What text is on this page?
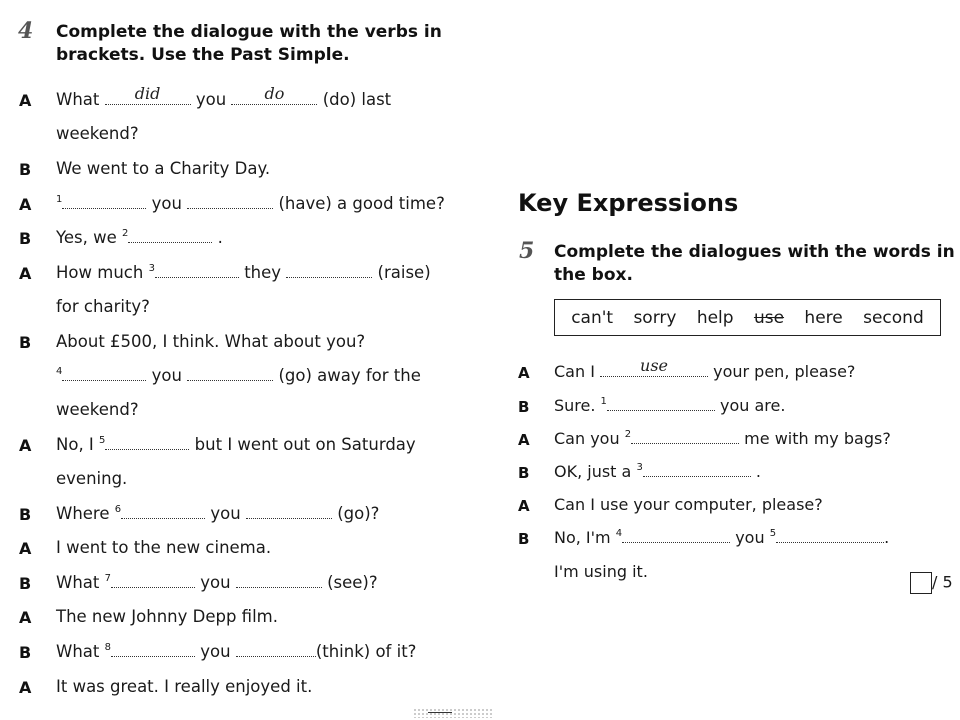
4 Complete the dialogue with the verbs in
brackets. Use the Past Simple.
A What	did	you	do	(do) last
weekend?
B We went to a Charity Day.
A $^1$	you	(have) a good time?
B Yes, we $^2$	.
A How much $^3$	they	(raise)
for charity?
B About £500, I think. What about you?
$^4$	you	(go) away for the
weekend?
A No, I $^5$	but I went out on Saturday
evening.
B Where $^6$	you	(go)?
A I went to the new cinema.
B What $^7$	you	(see)?
A The new Johnny Depp film.
B What $^8$	you	(think) of it?
A It was great. I really enjoyed it.
Key Expressions
5 Complete the dialogues with the words in
the box.
can't sorry help use here second
A Can I	use	your pen, please?
B Sure. $^1$	you are.
A Can you $^2$	me with my bags?
B OK, just a $^3$	.
A Can I use your computer, please?
B No, I'm $^4$	you $^5$	.
I'm using it.
/ 5
